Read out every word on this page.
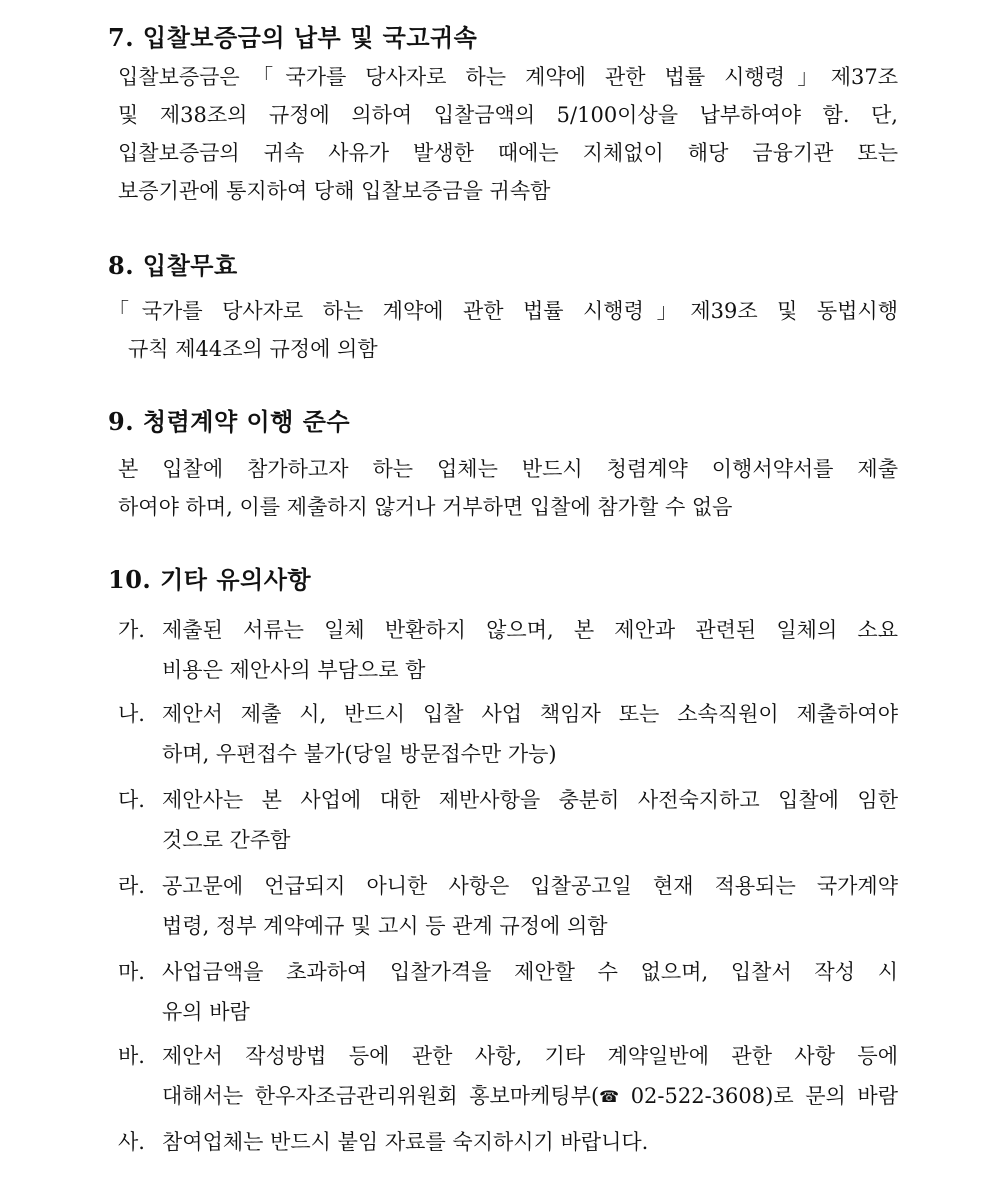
7. 입찰보증금의 납부 및 국고귀속
입찰보증금은「국가를 당사자로 하는 계약에 관한 법률 시행령」제37조
및 제38조의 규정에 의하여 입찰금액의 5/100이상을 납부하여야 함. 단,
입찰보증금의 귀속 사유가 발생한 때에는 지체없이 해당 금융기관 또는
보증기관에 통지하여 당해 입찰보증금을 귀속함
8. 입찰무효
「국가를 당사자로 하는 계약에 관한 법률 시행령」제39조 및 동법시행
규칙 제44조의 규정에 의함
9. 청렴계약 이행 준수
본 입찰에 참가하고자 하는 업체는 반드시 청렴계약 이행서약서를 제출
하여야 하며, 이를 제출하지 않거나 거부하면 입찰에 참가할 수 없음
10. 기타 유의사항
가. 제출된 서류는 일체 반환하지 않으며, 본 제안과 관련된 일체의 소요
비용은 제안사의 부담으로 함
나. 제안서 제출 시, 반드시 입찰 사업 책임자 또는 소속직원이 제출하여야
하며, 우편접수 불가(당일 방문접수만 가능)
다. 제안사는 본 사업에 대한 제반사항을 충분히 사전숙지하고 입찰에 임한
것으로 간주함
라. 공고문에 언급되지 아니한 사항은 입찰공고일 현재 적용되는 국가계약
법령, 정부 계약예규 및 고시 등 관계 규정에 의함
마. 사업금액을 초과하여 입찰가격을 제안할 수 없으며, 입찰서 작성 시
유의 바람
바. 제안서 작성방법 등에 관한 사항, 기타 계약일반에 관한 사항 등에
대해서는 한우자조금관리위원회 홍보마케팅부(☎ 02-522-3608)로 문의 바람
사. 참여업체는 반드시 붙임 자료를 숙지하시기 바랍니다.
